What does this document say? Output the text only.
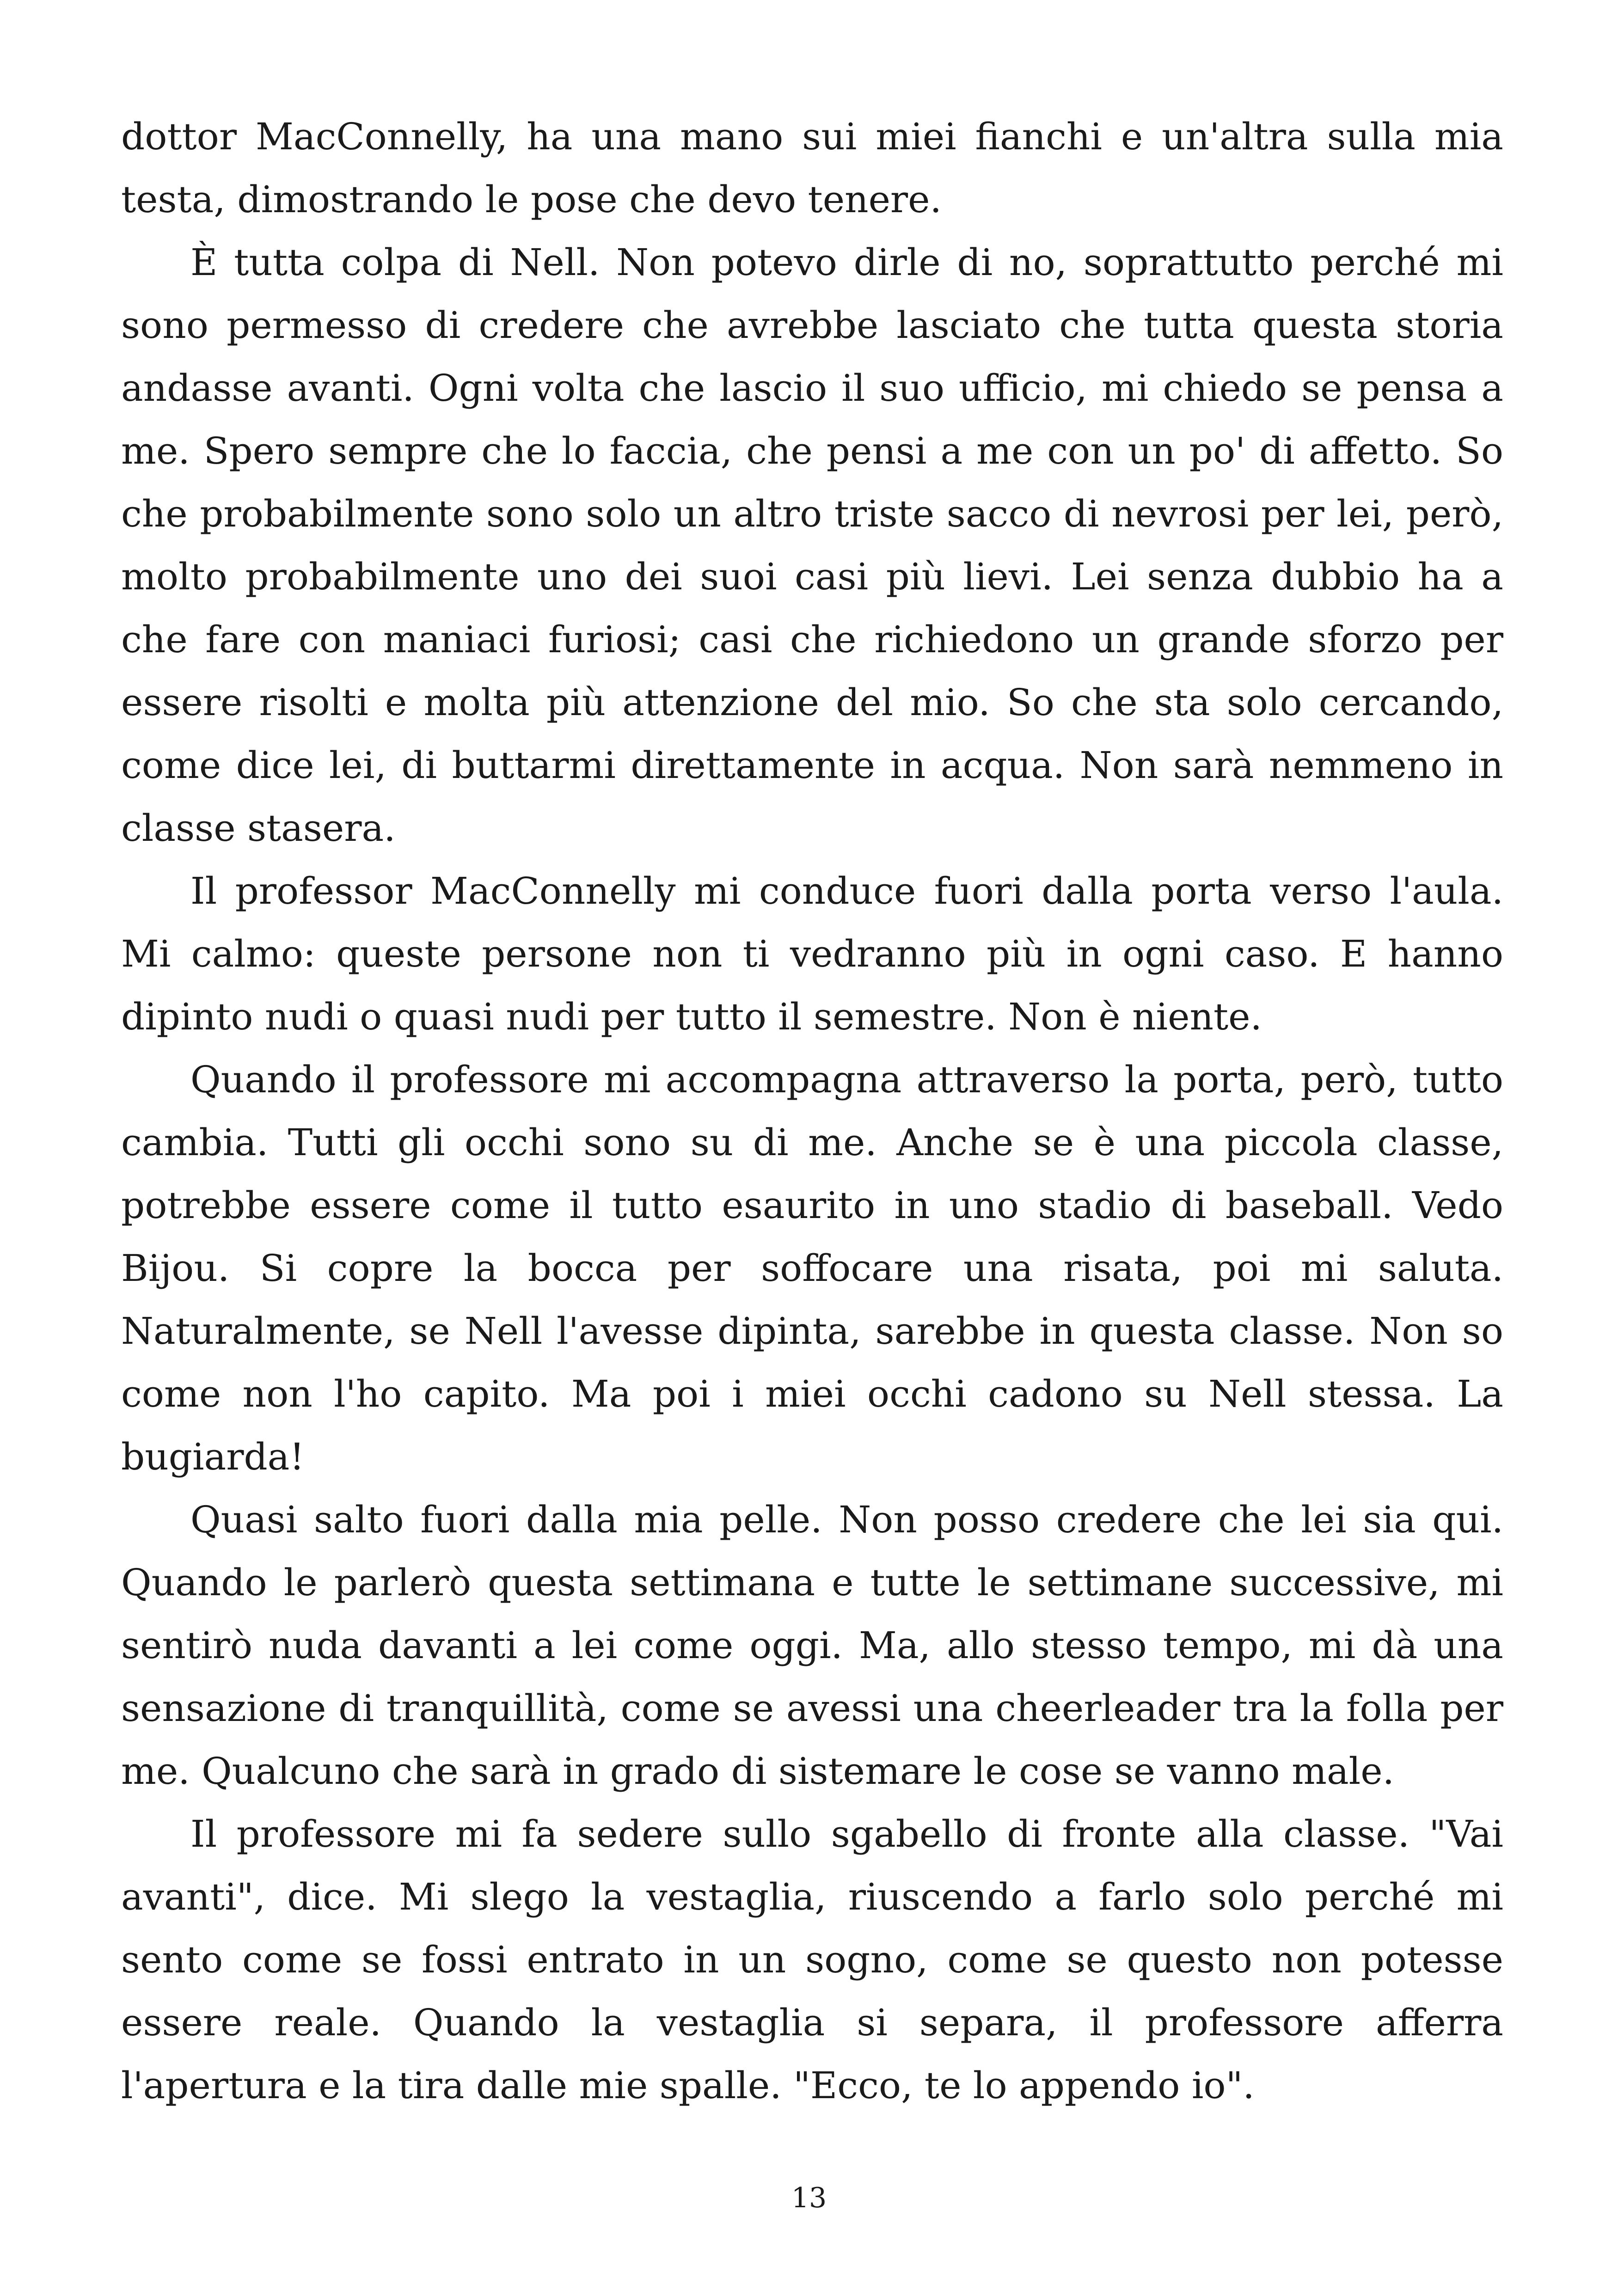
dottor MacConnelly, ha una mano sui miei fianchi e un'altra sulla mia testa, dimostrando le pose che devo tenere.

È tutta colpa di Nell. Non potevo dirle di no, soprattutto perché mi sono permesso di credere che avrebbe lasciato che tutta questa storia andasse avanti. Ogni volta che lascio il suo ufficio, mi chiedo se pensa a me. Spero sempre che lo faccia, che pensi a me con un po' di affetto. So che probabilmente sono solo un altro triste sacco di nevrosi per lei, però, molto probabilmente uno dei suoi casi più lievi. Lei senza dubbio ha a che fare con maniaci furiosi; casi che richiedono un grande sforzo per essere risolti e molta più attenzione del mio. So che sta solo cercando, come dice lei, di buttarmi direttamente in acqua. Non sarà nemmeno in classe stasera.

Il professor MacConnelly mi conduce fuori dalla porta verso l'aula. Mi calmo: queste persone non ti vedranno più in ogni caso. E hanno dipinto nudi o quasi nudi per tutto il semestre. Non è niente.

Quando il professore mi accompagna attraverso la porta, però, tutto cambia. Tutti gli occhi sono su di me. Anche se è una piccola classe, potrebbe essere come il tutto esaurito in uno stadio di baseball. Vedo Bijou. Si copre la bocca per soffocare una risata, poi mi saluta. Naturalmente, se Nell l'avesse dipinta, sarebbe in questa classe. Non so come non l'ho capito. Ma poi i miei occhi cadono su Nell stessa. La bugiarda!

Quasi salto fuori dalla mia pelle. Non posso credere che lei sia qui. Quando le parlerò questa settimana e tutte le settimane successive, mi sentirò nuda davanti a lei come oggi. Ma, allo stesso tempo, mi dà una sensazione di tranquillità, come se avessi una cheerleader tra la folla per me. Qualcuno che sarà in grado di sistemare le cose se vanno male.

Il professore mi fa sedere sullo sgabello di fronte alla classe. "Vai avanti", dice. Mi slego la vestaglia, riuscendo a farlo solo perché mi sento come se fossi entrato in un sogno, come se questo non potesse essere reale. Quando la vestaglia si separa, il professore afferra l'apertura e la tira dalle mie spalle. "Ecco, te lo appendo io".

13
